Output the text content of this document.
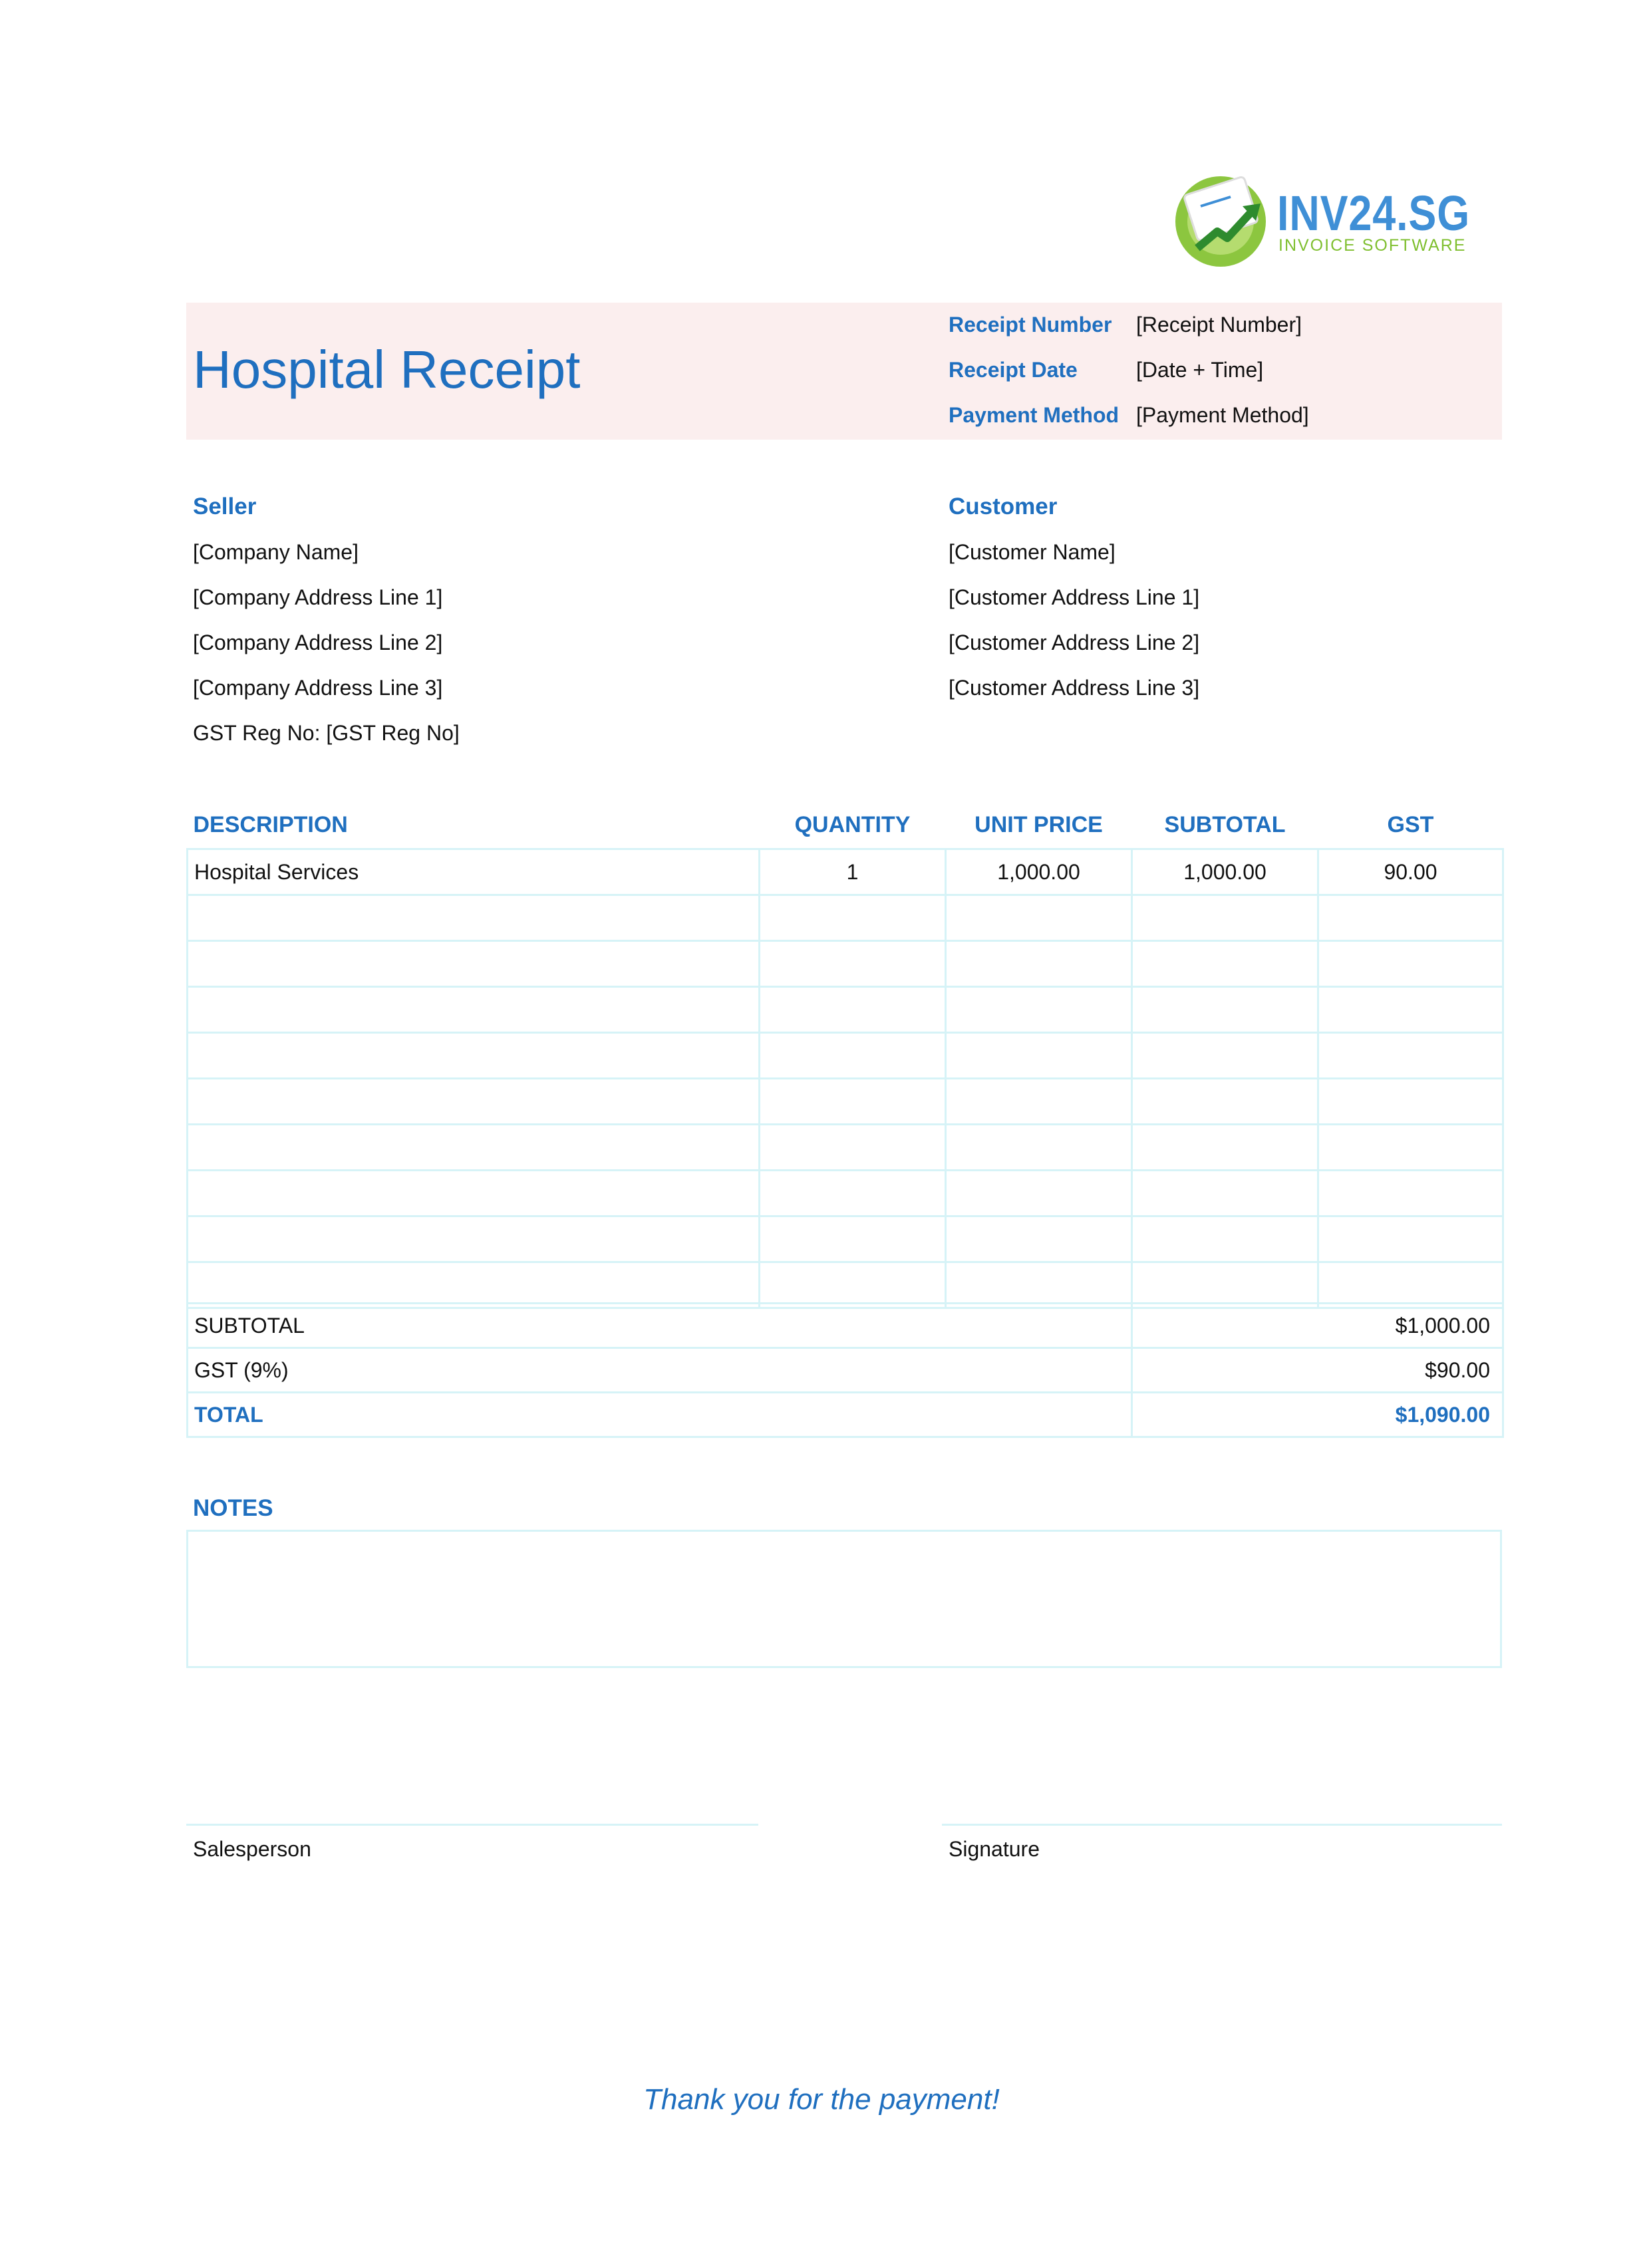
INV24.SG
INVOICE SOFTWARE
Hospital Receipt
Receipt Number [Receipt Number]
Receipt Date	[Date + Time]
Payment Method [Payment Method]
Seller
[Company Name]
[Company Address Line 1]
[Company Address Line 2]
[Company Address Line 3]
GST Reg No: [GST Reg No]
Customer
[Customer Name]
[Customer Address Line 1]
[Customer Address Line 2]
[Customer Address Line 3]
DESCRIPTION	QUANTITY	UNIT PRICE	SUBTOTAL	GST
Hospital Services	1	1,000.00	1,000.00	90.00

SUBTOTAL	$1,000.00
GST (9%)	$90.00
TOTAL	$1,090.00
NOTES
Salesperson	Signature
Thank you for the payment!
